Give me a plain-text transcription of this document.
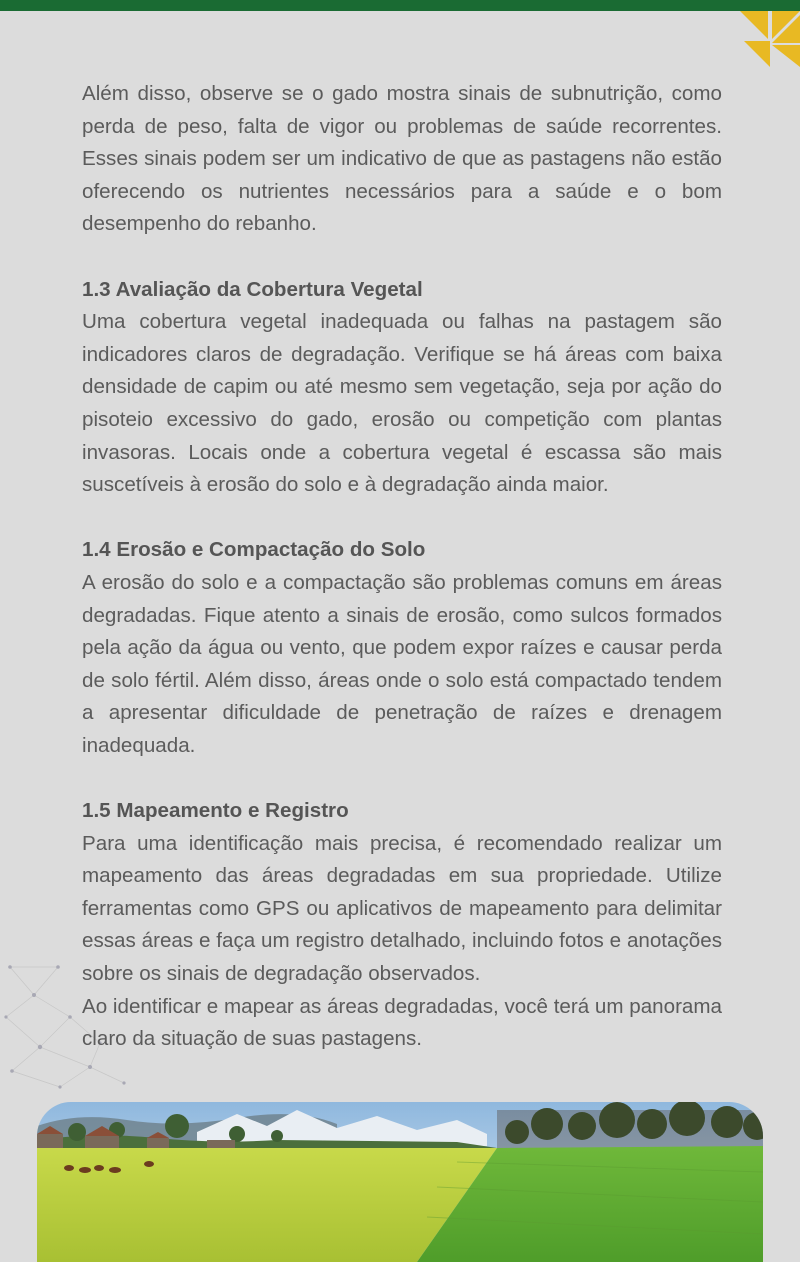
Além disso, observe se o gado mostra sinais de subnutrição, como perda de peso, falta de vigor ou problemas de saúde recorrentes. Esses sinais podem ser um indicativo de que as pastagens não estão oferecendo os nutrientes necessários para a saúde e o bom desempenho do rebanho.

1.3 Avaliação da Cobertura Vegetal

Uma cobertura vegetal inadequada ou falhas na pastagem são indicadores claros de degradação. Verifique se há áreas com baixa densidade de capim ou até mesmo sem vegetação, seja por ação do pisoteio excessivo do gado, erosão ou competição com plantas invasoras. Locais onde a cobertura vegetal é escassa são mais suscetíveis à erosão do solo e à degradação ainda maior.

1.4 Erosão e Compactação do Solo

A erosão do solo e a compactação são problemas comuns em áreas degradadas. Fique atento a sinais de erosão, como sulcos formados pela ação da água ou vento, que podem expor raízes e causar perda de solo fértil. Além disso, áreas onde o solo está compactado tendem a apresentar dificuldade de penetração de raízes e drenagem inadequada.

1.5 Mapeamento e Registro

Para uma identificação mais precisa, é recomendado realizar um mapeamento das áreas degradadas em sua propriedade. Utilize ferramentas como GPS ou aplicativos de mapeamento para delimitar essas áreas e faça um registro detalhado, incluindo fotos e anotações sobre os sinais de degradação observados.

Ao identificar e mapear as áreas degradadas, você terá um panorama claro da situação de suas pastagens.
